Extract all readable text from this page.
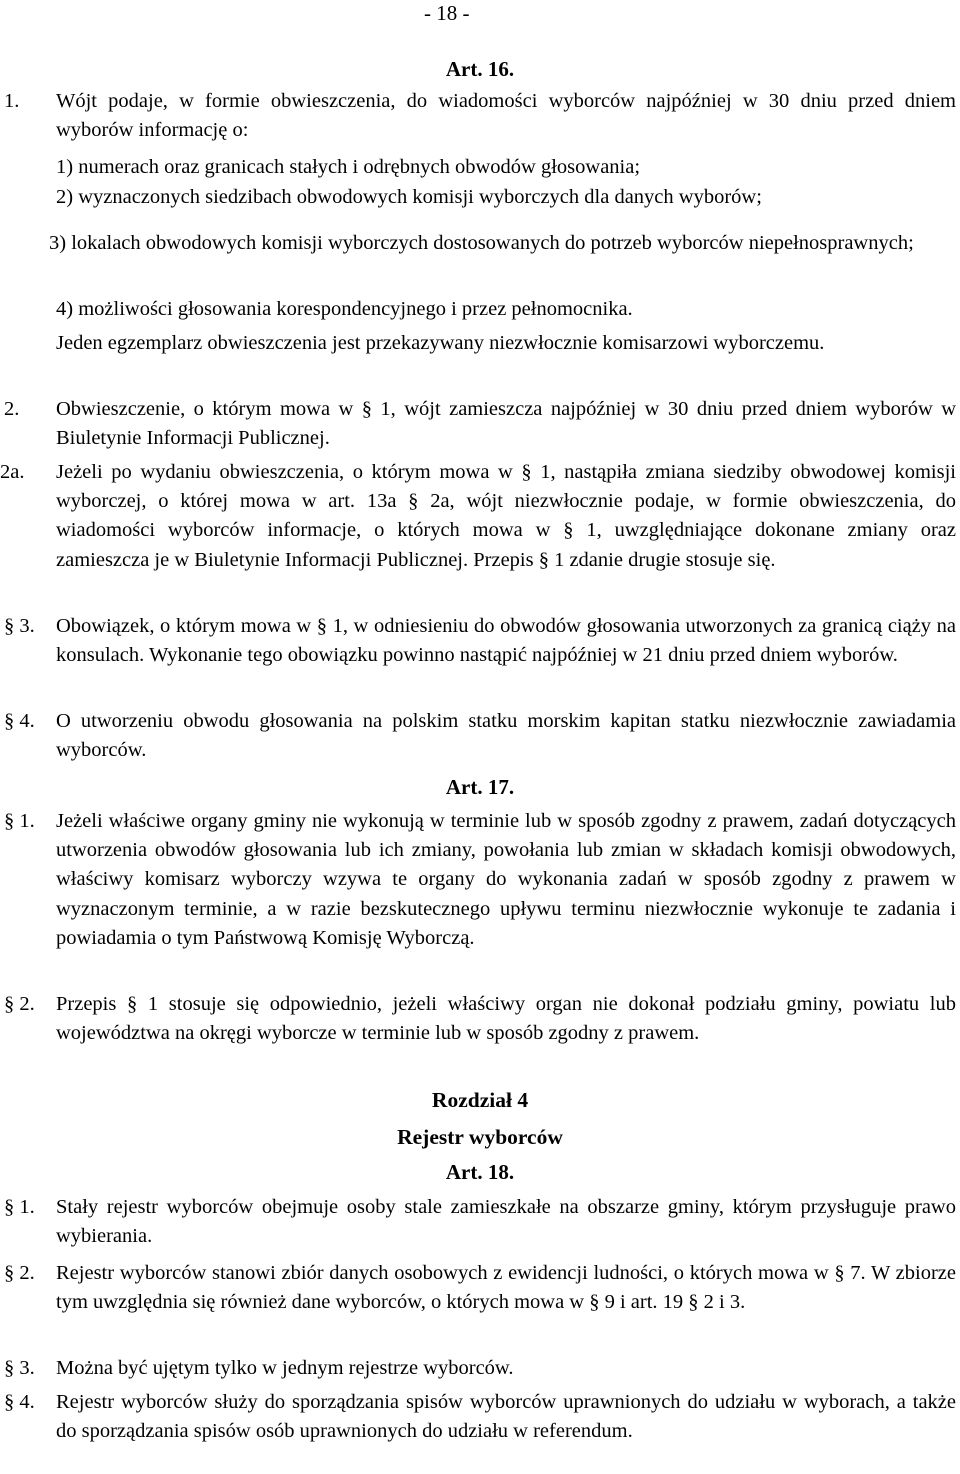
- 18 -
Art. 16.
1. Wójt podaje, w formie obwieszczenia, do wiadomości wyborców najpóźniej w 30 dniu przed dniem wyborów informację o:
1) numerach oraz granicach stałych i odrębnych obwodów głosowania;
2) wyznaczonych siedzibach obwodowych komisji wyborczych dla danych wyborów;
3) lokalach obwodowych komisji wyborczych dostosowanych do potrzeb wyborców niepełnosprawnych;
4) możliwości głosowania korespondencyjnego i przez pełnomocnika.
Jeden egzemplarz obwieszczenia jest przekazywany niezwłocznie komisarzowi wyborczemu.
2. Obwieszczenie, o którym mowa w § 1, wójt zamieszcza najpóźniej w 30 dniu przed dniem wyborów w Biuletynie Informacji Publicznej.
2a. Jeżeli po wydaniu obwieszczenia, o którym mowa w § 1, nastąpiła zmiana siedziby obwodowej komisji wyborczej, o której mowa w art. 13a § 2a, wójt niezwłocznie podaje, w formie obwieszczenia, do wiadomości wyborców informacje, o których mowa w § 1, uwzględniające dokonane zmiany oraz zamieszcza je w Biuletynie Informacji Publicznej. Przepis § 1 zdanie drugie stosuje się.
§ 3. Obowiązek, o którym mowa w § 1, w odniesieniu do obwodów głosowania utworzonych za granicą ciąży na konsulach. Wykonanie tego obowiązku powinno nastąpić najpóźniej w 21 dniu przed dniem wyborów.
§ 4. O utworzeniu obwodu głosowania na polskim statku morskim kapitan statku niezwłocznie zawiadamia wyborców.
Art. 17.
§ 1. Jeżeli właściwe organy gminy nie wykonują w terminie lub w sposób zgodny z prawem, zadań dotyczących utworzenia obwodów głosowania lub ich zmiany, powołania lub zmian w składach komisji obwodowych, właściwy komisarz wyborczy wzywa te organy do wykonania zadań w sposób zgodny z prawem w wyznaczonym terminie, a w razie bezskutecznego upływu terminu niezwłocznie wykonuje te zadania i powiadamia o tym Państwową Komisję Wyborczą.
§ 2. Przepis § 1 stosuje się odpowiednio, jeżeli właściwy organ nie dokonał podziału gminy, powiatu lub województwa na okręgi wyborcze w terminie lub w sposób zgodny z prawem.
Rozdział 4
Rejestr wyborców
Art. 18.
§ 1. Stały rejestr wyborców obejmuje osoby stale zamieszkałe na obszarze gminy, którym przysługuje prawo wybierania.
§ 2. Rejestr wyborców stanowi zbiór danych osobowych z ewidencji ludności, o których mowa w § 7. W zbiorze tym uwzględnia się również dane wyborców, o których mowa w § 9 i art. 19 § 2 i 3.
§ 3. Można być ujętym tylko w jednym rejestrze wyborców.
§ 4. Rejestr wyborców służy do sporządzania spisów wyborców uprawnionych do udziału w wyborach, a także do sporządzania spisów osób uprawnionych do udziału w referendum.
